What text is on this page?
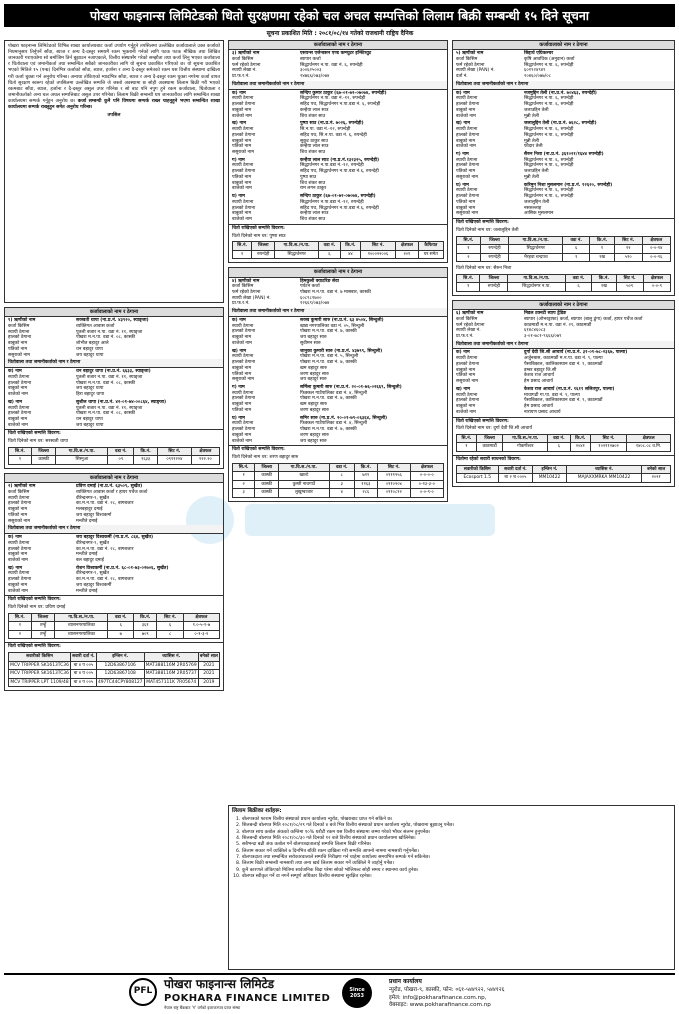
पोखरा फाइनान्स लिमिटेडको धितो सुरक्षणमा रहेको चल अचल सम्पत्तिको लिलाम बिक्री सम्बन्धी १५ दिने सूचना
सूचना प्रकाशित मिति : २०८१/०८/१४ गतेको राजधानी राष्ट्रिय दैनिक
पोखरा फाइनान्स लिमिटेडको विभिन्न शाखा कार्यालयबाट कर्जा उपयोग गर्नुहुने तपसिलमा उल्लेखित कर्जावालाले उक्त कर्जाको नियमानुसार तिर्नुपर्ने साँवा, ब्याज र अन्य दै-दस्तुर समयमै रकम भुक्तानी गर्नको लागि पटक पटक मौखिक तथा लिखित जानकारी गराएकोमा सो बमोजिम तिर्न बुझाउन नआएकाले, वित्तीय संस्थासँग गरेको सम्झौता तथा कर्जा लिनु भएका कर्जावाला र धितोवाला एवं जमानीकर्ता तथा सम्बन्धित सबैको जानकारीका लागि यो सूचना प्रकाशित गरिएको छ। यो सूचना प्रकाशित भएको मितिले १५ (पन्ध्र) दिनभित्र कर्जाको साँवा, ब्याज, हर्जाना र अन्य दै-दस्तुर समेतको रकम यस वित्तीय संस्थामा दाखिला गरी कर्जा चुक्ता गर्न अनुरोध गरिन्छ। अन्यथा तोकिएको म्यादभित्र साँवा, ब्याज र अन्य दै-दस्तुर रकम चुक्ता नगरेमा कर्जा वापत धितो सुरक्षण स्वरूप रहेको तपसिलमा उल्लेखित सम्पत्ति जे जस्तो अवस्थामा छ सोही अवस्थामा लिलाम बिक्री गरी भएको रकमबाट साँवा, ब्याज, हर्जाना र दै-दस्तुर असुल उपर गरिनेछ र सो बाट पनि नपुग हुने रकम कर्जावाला, धितोवाला र जमानीकर्ताको अन्य चल अचल सम्पत्तिबाट असुल उपर गरिनेछ। लिलाम बिक्री सम्बन्धी थप जानकारीका लागि सम्बन्धित शाखा कार्यालयमा सम्पर्क गर्नुहुन अनुरोध छ। कर्जा सम्बन्धी कुनै पनि विषयमा सम्पर्क राख्न चाहनुहुने भएमा सम्बन्धित शाखा कार्यालयमा सम्पर्क राख्नुहुन समेत अनुरोध गरिन्छ।
तपसिल
कर्जावालाको नाम र ठेगाना
१) ऋणीको नाम	सरस्वती थापा (ना.प्र.नं. ४३९२०, स्याङ्जा)
कर्जा किसिम	व्यक्तिगत आवास कर्जा
स्थायी ठेगाना	पुतली बजार न.पा. वडा नं. ११, स्याङ्जा
हालको ठेगाना	पोखरा म.न.पा. वडा नं. ०८, कास्की
बाबुको नाम	शोभीत बहादुर आले
पतिको नाम	धन बहादुर थापा
ससुराको नाम	जय बहादुर थापा
धितोवाला तथा जमानीकर्ताको नाम र ठेगाना
क) नाम	धन बहादुर थापा (ना.प्र.नं. ६६३३, स्याङ्जा)
स्थायी ठेगाना	पुतली बजार न.पा. वडा नं. ११, स्याङ्जा
हालको ठेगाना	पोखरा म.न.पा. वडा नं. ०८, कास्की
बाबुको नाम	जय बहादुर थापा
बाजेको नाम	हिरा बहादुर थापा
ख) नाम	सुशील थापा (ना.प्र.नं. ४२-०१-७४-००८६४, स्याङ्जा)
स्थायी ठेगाना	पुतली बजार न.पा. वडा नं. ११, स्याङ्जा
हालको ठेगाना	पोखरा म.न.पा. वडा नं. ०८, कास्की
बाबुको नाम	धन बहादुर थापा
बाजेको नाम	जय बहादुर थापा
धितो राखिएको सम्पत्ति विवरण:
धितो दिनेको नाम थर: सरस्वती थापा
सि.नं.	जिल्ला	गा.वि.स./न.पा.	वडा नं.	कि.नं.	सिट नं.	क्षेत्रफल
१	कास्की	सिस्नुआ	०९	१६३३	०९११२२४	१२२.२०
कर्जावालाको नाम र ठेगाना
२) ऋणीको नाम	प्रविण दमाई (ना.प्र.नं. ६३५०९, सुर्खेत)
कर्जा किसिम	व्यक्तिगत आवास कर्जा र हायर पर्चेज कर्जा
स्थायी ठेगाना	वीरेन्द्रनगर-९, सुर्खेत
हालको ठेगाना	का.म.न.पा. वडा नं. २८, बागबजार
बाबुको नाम	मलबहादुर दमाई
पतिको नाम	जय बहादुर विश्वकर्मा
ससुराको नाम	मन्जीते दमाई
धितोवाला तथा जमानीकर्ताको नाम र ठेगाना
क) नाम	जय बहादुर विश्वकर्मी (ना.प्र.नं. ८६४, सुर्खेत)
स्थायी ठेगाना	वीरेन्द्रनगर-९, सुर्खेत
हालको ठेगाना	का.म.न.पा. वडा नं. २८, बागबजार
बाबुको नाम	मन्जीते दमाई
बाजेको नाम	बल बहादुर दमाई
ख) नाम	रोशन विश्वकर्मी (ना.प्र.नं. ६८-०१-७३-०२७०६, सुर्खेत)
स्थायी ठेगाना	वीरेन्द्रनगर-९, सुर्खेत
हालको ठेगाना	का.म.न.पा. वडा नं. २८, बागबजार
बाबुको नाम	जय बहादुर विश्वकर्मी
बाजेको नाम	मन्जीते दमाई
धितो राखिएको सम्पत्ति विवरण:
धितो दिनेको नाम थर: प्रविण दमाई
सि.नं.	जिल्ला	गा.वि.स./न.पा.	वडा नं.	कि.नं.	सिट नं.	क्षेत्रफल
१	तन्हुँ	व्यासनगरपालिका	६	३६१	६	१.०-५-१-७
२	तन्हुँ	व्यासनगरपालिका	७	७०९	८	०-१-३-२
धितो राखिएको सम्पत्ति विवरण:
सवारीको किसिम	सवारी दर्ता नं.	इन्जिन नं.	च्यासिस नं.	बनेको साल
MCV TRIPPER SK1613TC36	बा ४ प ००५	12D63867106	MAT388116M 2R05769	2021
MCV TRIPPER SK1613TC36	बा ४ प ००५	12D63867108	MAT388116M 2R05737	2021
MCV TRIPPER LPT 1109/48	बा ४ प ००५	497TC44CPY808127	MAT457111K 7R05674	2019
कर्जावालाको नाम र ठेगाना
३) ऋणीको नाम	एसयन्स एजेन्डसन एण्ड कम्प्युटर इन्स्टिच्युट
कर्जा किसिम	ब्यापार कर्जा
फर्म रहेको ठेगाना	सिद्धार्थनगर न.पा. वडा नं. ६, रुपन्देही
स्थायी लेखा नं.	३००६२५००३
प्रा.फ.र.नं.	२४७६६/०७३/०७४
धितोवाला तथा जमानीकर्ताको नाम र ठेगाना
क) नाम	सन्दिप कुमार ठाकुर (६७-०१-७२-०७०७४, रुपन्देही)
स्थायी ठेगाना	सिद्धार्थनगर न.पा. वडा नं.-१२, रुपन्देही
हालको ठेगाना	सहिद पथ, सिद्धार्थनगर न.पा.वडा नं. ६, रुपन्देही
बाबुको नाम	कन्हैया लाल साउ
बाजेको नाम	शिव शंकर साउ
ख) नाम	पुष्पा साउ (ना.प्र.नं. ७०२६, रुपन्देही)
स्थायी ठेगाना	सि.न.पा. वडा नं.-१२, रुपन्देही
हालको ठेगाना	सहिद पथ, सि.न.पा. वडा नं. ६, रुपन्देही
बाबुको नाम	सुकुट ठाकुर साउ
पतिको नाम	कन्हैया लाल साउ
ससुराको नाम	शिव शंकर साउ
ग) नाम	कन्हैया लाल साउ (ना.प्र.नं.१३२३२५, रुपन्देही)
स्थायी ठेगाना	सिद्धार्थनगर न.पा.वडा नं.-१२, रुपन्देही
हालको ठेगाना	सहिद पथ, सिद्धार्थनगर न.पा.वडा नं.६, रुपन्देही
पतिको नाम	पुष्पा साउ
बाबुको नाम	शिव शंकर साउ
बाजेको नाम	राम लगन ठाकुर
घ) नाम	सन्दिप ठाकुर (६७-०१-७२-०७०७४, रुपन्देही)
स्थायी ठेगाना	सिद्धार्थनगर न.पा.वडा नं.-१२, रुपन्देही
हालको ठेगाना	सहिद पथ, सिद्धार्थनगर न.पा.वडा नं.६, रुपन्देही
बाबुको नाम	कन्हैया लाल साउ
बाजेको नाम	शिव शंकर साउ
धितो राखिएको सम्पत्ति विवरण:
धितो दिनेको नाम थर: पुष्पा साउ
सि.नं.	जिल्ला	गा.वि.स./न.पा.	वडा नं.	कि.नं.	सिट नं.	क्षेत्रफल	कैफियत
१	रुपन्देही	सिद्धार्थनगर	६	४४	१०००२२००६	२०१	घर समेत
कर्जावालाको नाम र ठेगाना
४) ऋणीको नाम	हिमकुली क्याटरिङ सेवा
कर्जा किसिम	पर्यटन कर्जा
फर्म रहेको ठेगाना	पोखरा म.न.पा. वडा नं. ७ मासबार, कास्की
स्थायी लेखा (PAN) नं.	६०८९८१७००
प्रा.फ.र.नं.	१२६६९/०७३/०७४
धितोवाला तथा जमानीकर्ताको नाम र ठेगाना
क) नाम	सरस्व कुमारी सारु (ना.प्र.नं. ६३ ४५०४, सिन्धुली)
स्थायी ठेगाना	खाद्य नगरपालिका वडा नं. ०५, सिन्धुली
हालको ठेगाना	पोखरा म.न.पा. वडा नं. ७, कास्की
बाबुको नाम	जय बहादुर सारु
बाजेको नाम	सुवीमन सारु
ख) नाम	जानुका कुमारी सारु (ना.प्र.नं. ४३७९९, सिन्धुली)
स्थायी ठेगाना	पोखरा म.न.पा. वडा नं. ५, सिन्धुली
हालको ठेगाना	पोखरा म.न.पा. वडा नं. ७, कास्की
बाबुको नाम	खम बहादुर सारु
पतिको नाम	शरण बहादुर सारु
ससुराको नाम	जय बहादुर सारु
ग) नाम	सर्मिला कुमारी सारु (ना.प्र.नं. २०-०१-७६-०२६६९, सिन्धुली)
स्थायी ठेगाना	फिक्कल गाउँपालिका वडा नं. ४, सिन्धुली
हालको ठेगाना	पोखरा म.न.पा. वडा नं. ७, कास्की
बाबुको नाम	खम बहादुर सारु
पतिको नाम	शरण बहादुर सारु
घ) नाम	समिर सारु (ना.प्र.नं. २०-०१-७९-०६३६४, सिन्धुली)
स्थायी ठेगाना	फिक्कल गाउँपालिका वडा नं. ४, सिन्धुली
हालको ठेगाना	पोखरा म.न.पा. वडा नं. ७, कास्की
बाबुको नाम	शरण बहादुर सारु
बाजेको नाम	जय बहादुर सारु
धितो राखिएको सम्पत्ति विवरण:
धितो दिनेको नाम थर: शरण बहादुर सारु
सि.नं.	जिल्ला	गा.वि.स./न.पा.	वडा नं.	कि.नं.	सिट नं.	क्षेत्रफल
१	कास्की	खाल्टे	८	७११	०९११२५६	०-०-०-०
२	कास्की	कुस्ती नाथगाउँ	३	११६३	०९१०२०४	०-१३-३-०
३	कास्की	लुखुम्बाजार	४	२८६	०९१०८१२	०-०-९-०
कर्जावालाको नाम र ठेगाना
५) ऋणीको नाम	सिद्दार्थ एग्रिकल्चर
कर्जा किसिम	कृषि आवधिक (अनुदान) कर्जा
फर्म रहेको ठेगाना	सिद्धार्थनगर न.पा. ६, रुपन्देही
स्थायी लेखा (PAN) नं.	६०१९२४९४९
दर्ता नं.	२०४६०/०७७/०८
धितोवाला तथा जमानीकर्ताको नाम र ठेगाना
क) नाम	नजमुद्दिन तेली (ना.प्र.नं. ७०४६३, रुपन्देही)
स्थायी ठेगाना	सिद्धार्थनगर न.पा. ६, रुपन्देही
हालको ठेगाना	सिद्धार्थनगर न.पा. ६, रुपन्देही
बाबुको नाम	जलाउद्दिन तेली
बाजेको नाम	मुन्नी तेली
ख) नाम	जलालुद्दिन तेली (ना.प्र.नं. ७६२८, रुपन्देही)
स्थायी ठेगाना	सिद्धार्थनगर न.पा. ६, रुपन्देही
हालको ठेगाना	सिद्धार्थनगर न.पा. ६, रुपन्देही
बाबुको नाम	मुन्नी तेली
बाजेको नाम	फौदार तेली
ग) नाम	सैरुन निशा (ना.प्र.नं. ३६१०२१/१६४४ रुपन्देही)
स्थायी ठेगाना	सिद्धार्थनगर न.पा. ६, रुपन्देही
हालको ठेगाना	सिद्धार्थनगर न.पा. ६, रुपन्देही
पतिको नाम	जलाउद्दिन तेली
ससुराको नाम	मुन्नी तेली
घ) नाम	करिमुन निशा मुसलमान (ना.प्र.नं. १२६२०, रुपन्देही)
स्थायी ठेगाना	सिद्धार्थनगर न.पा. ६, रुपन्देही
हालको ठेगाना	सिद्धार्थनगर न.पा. ६, रुपन्देही
पतिको नाम	जलालुद्दिन तेली
बाबुको नाम	नसरुल्लाह
ससुराको नाम	आसिक मुसलमान
धितो राखिएको सम्पत्ति विवरण:
धितो दिनेको नाम थर: जलालुद्दिन तेली
सि.नं.	जिल्ला	गा.वि.स./न.पा.	वडा नं.	कि.नं.	सिट नं.	क्षेत्रफल
१	रुपन्देही	सिद्धार्थनगर	६	१	१२	०-०-१४
२	रुपन्देही	भैरहवा चन्द्रपथ	१	१ख	५१०	०-०-१६
धितो दिनेको नाम थर: सैरुन निशा
सि.नं.	जिल्ला	गा.वि.स./न.पा.	वडा नं.	कि.नं.	सिट नं.	क्षेत्रफल
१	रुपन्देही	सिद्धार्थनगर न.पा.	६	१ख	५०९	०-०-९
कर्जावालाको नाम र ठेगाना
६) ऋणीको नाम	मिडल टक्नटी ब्याप ट्रेडिङ
कर्जा किसिम	ब्यापार (ओभरड्राफ्ट) कर्जा, ब्यापार (बालु ढुंगा) कर्जा, हायर पर्चेज कर्जा
फर्म रहेको ठेगाना	काठमाडौं म.न.पा. वडा नं. २९, काठमाडौं
स्थायी लेखा नं.	६१४८४६०८३
प्रा.फ.र.नं.	३-०१-७८१-९६६६/०७९
धितोवाला तथा जमानीकर्ताको नाम र ठेगाना
क) नाम	दुर्गा देवी जि.सी आचार्य (ना.प्र.नं. ३१-०१-७८-२३६७, पाल्पा)
स्थायी ठेगाना	अर्जुनबास, काठमाडौं म.न.पा. वडा नं. ९, पाल्पा
हालको ठेगाना	पैसाबिकाल, कालिकास्थान वडा नं. ९, काठमाडौं
बाबुको नाम	डम्बर बहादुर जि.सी
पतिको नाम	केशव राज आचार्य
ससुराको नाम	हेम प्रसाद आचार्य
ख) नाम	केशव राज आचार्य (ना.प्र.नं. १६११ ललितपुर, पाल्पा)
स्थायी ठेगाना	माथागढी गा.पा. वडा नं. ९, पाल्पा
हालको ठेगाना	पैसाबिकाल, कालिकास्थान वडा नं. ९, काठमाडौं
बाबुको नाम	हेम प्रसाद आचार्य
बाजेको नाम	नारायण प्रसाद आचार्य
धितो राखिएको सम्पत्ति विवरण:
धितो दिनेको नाम थर: दुर्गा देवी जि.सी आचार्य
सि.नं.	जिल्ला	गा.वि.स./न.पा.	वडा नं.	कि.नं.	सिट नं.	क्षेत्रफल
१	काठमाडौं	गोकर्णेश्वर	६	२०४१	१०२११२७०२	१४०८.०८ व.मि.
धितोमा रहेको सवारी साधनको विवरण:
सवारीको किसिम	सवारी दर्ता नं.	इन्जिन नं.	च्यासिस नं.	बनेको साल
Ecosport 1.5	बा २ च ०००५	MM10422	MAJAXXMRKA MM10422	२०२१
लिलाम बिक्रीका शर्तहरू:
1. बोलपत्रको फाराम वित्तीय संस्थाको प्रधान कार्यालय न्युरोड, पोखराबाट प्राप्त गर्न सकिने छ।
2. शिलबन्दी बोलपत्र मिति २०८१/०८/२९ गते दिनको ४ बजे भित्र वित्तीय संस्थाको प्रधान कार्यालय न्युरोड, पोखरामा बुझाउनु पर्नेछ।
3. बोलपत्र साथ कबोल अंकको कम्तिमा १०% धरौटी रकम यस वित्तीय संस्थामा जम्मा गरेको भौचर संलग्न हुनुपर्नेछ।
4. शिलबन्दी बोलपत्र मिति २०८१/०८/३० गते दिनको १२ बजे वित्तीय संस्थाको प्रधान कार्यालयमा खोलिनेछ।
5. सबैभन्दा बढी अंक कबोल गर्ने बोलपत्रदातालाई सम्पत्ति लिलाम बिक्री गरिनेछ।
6. लिलाम सकार गर्ने व्यक्तिले ७ दिनभित्र बाँकी रकम दाखिला गरी सम्पत्ति आफ्नो नाममा नामसारी गर्नुपर्नेछ।
7. बोलपत्रदाता तथा सम्बन्धित सरोकारवालाले सम्पत्ति निरीक्षण गर्न चाहेमा कार्यालय समयभित्र सम्पर्क गर्न सकिनेछ।
8. लिलाम बिक्री सम्बन्धी नामसारी तथा अन्य खर्च लिलाम सकार गर्ने व्यक्तिले नै व्यहोर्नु पर्नेछ।
9. कुनै कारणले तोकिएको मितिमा सार्वजनिक बिदा परेमा सोको भोलिपल्ट सोही समय र स्थानमा कार्य हुनेछ।
10. बोलपत्र स्वीकृत गर्ने वा नगर्ने सम्पूर्ण अधिकार वित्तीय संस्थामा सुरक्षित रहनेछ।
PFL
पोखरा फाइनान्स लिमिटेड
POKHARA FINANCE LIMITED
नेपाल राष्ट्र बैंकबाट 'ग' वर्गको इजाजतपत्र प्राप्त संस्था
Since
2053
प्रधान कार्यालय
न्युरोड, पोखरा-९, कास्की, फोन: ०६१-५४४९२२, ५४४१२६
इमेल: info@pokharafinance.com.np,
वेबसाइट: www.pokharafinance.com.np
